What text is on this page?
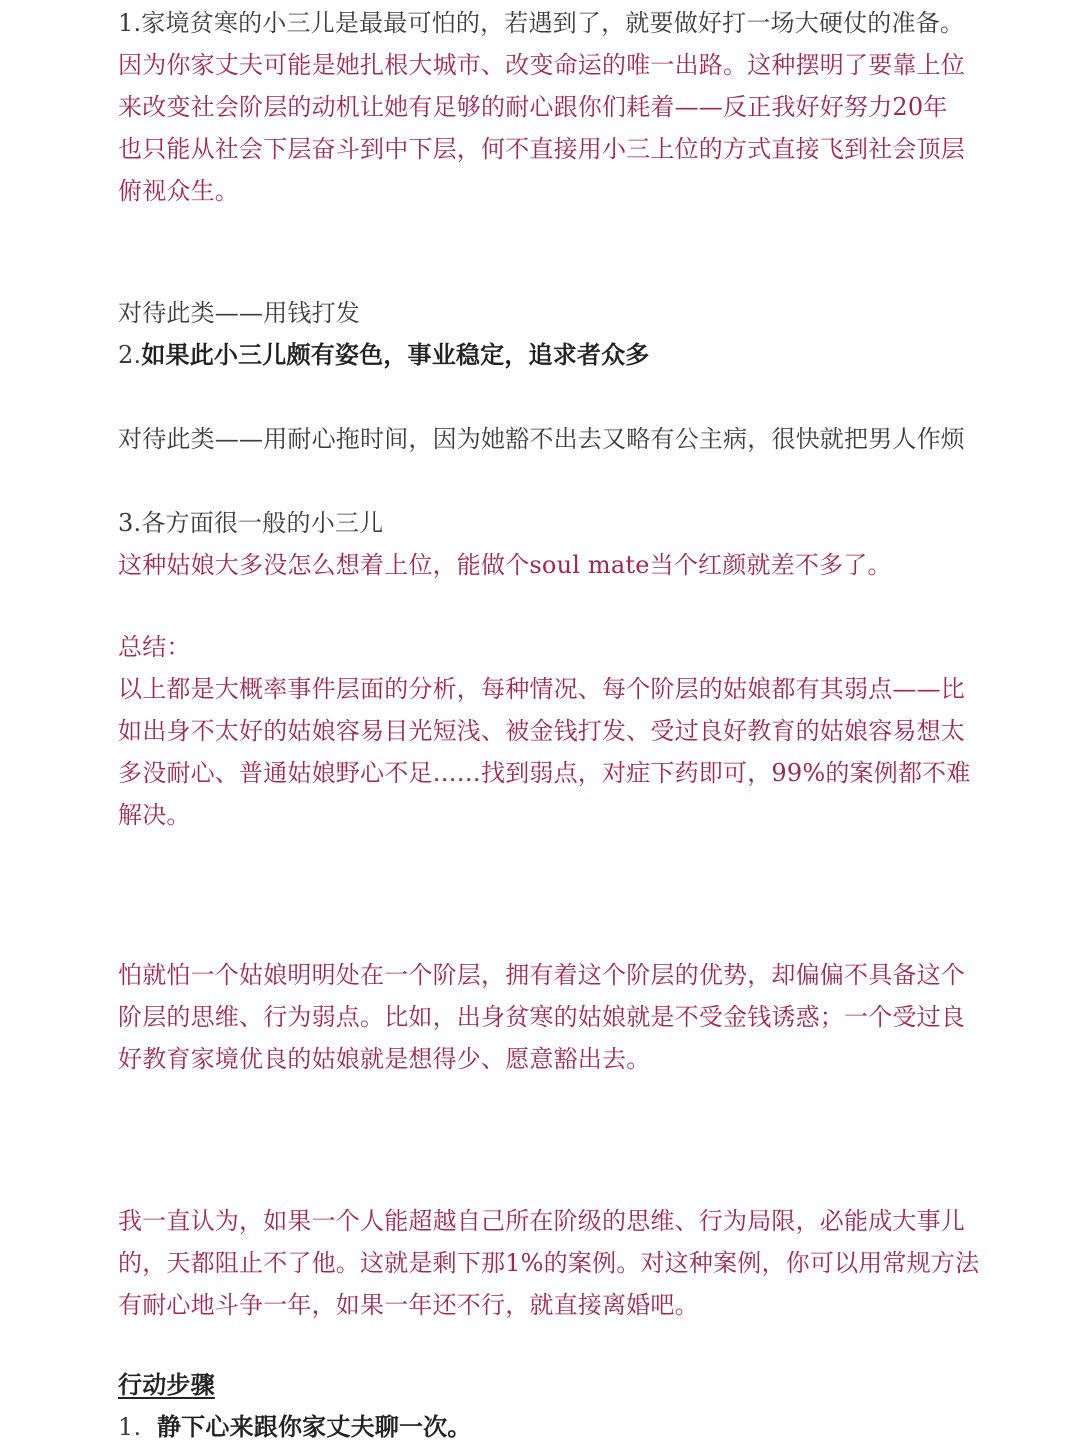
1.家境贫寒的小三儿是最最可怕的，若遇到了，就要做好打一场大硬仗的准备。

因为你家丈夫可能是她扎根大城市、改变命运的唯一出路。这种摆明了要靠上位
来改变社会阶层的动机让她有足够的耐心跟你们耗着——反正我好好努力20年
也只能从社会下层奋斗到中下层，何不直接用小三上位的方式直接飞到社会顶层
俯视众生。

对待此类——用钱打发

2.如果此小三儿颇有姿色，事业稳定，追求者众多

对待此类——用耐心拖时间，因为她豁不出去又略有公主病，很快就把男人作烦

3.各方面很一般的小三儿

这种姑娘大多没怎么想着上位，能做个soul mate当个红颜就差不多了。

总结：

以上都是大概率事件层面的分析，每种情况、每个阶层的姑娘都有其弱点——比
如出身不太好的姑娘容易目光短浅、被金钱打发、受过良好教育的姑娘容易想太
多没耐心、普通姑娘野心不足……找到弱点，对症下药即可，99%的案例都不难
解决。

怕就怕一个姑娘明明处在一个阶层，拥有着这个阶层的优势，却偏偏不具备这个
阶层的思维、行为弱点。比如，出身贫寒的姑娘就是不受金钱诱惑；一个受过良
好教育家境优良的姑娘就是想得少、愿意豁出去。

我一直认为，如果一个人能超越自己所在阶级的思维、行为局限，必能成大事儿
的，天都阻止不了他。这就是剩下那1%的案例。对这种案例，你可以用常规方法
有耐心地斗争一年，如果一年还不行，就直接离婚吧。

行动步骤

1. 静下心来跟你家丈夫聊一次。
